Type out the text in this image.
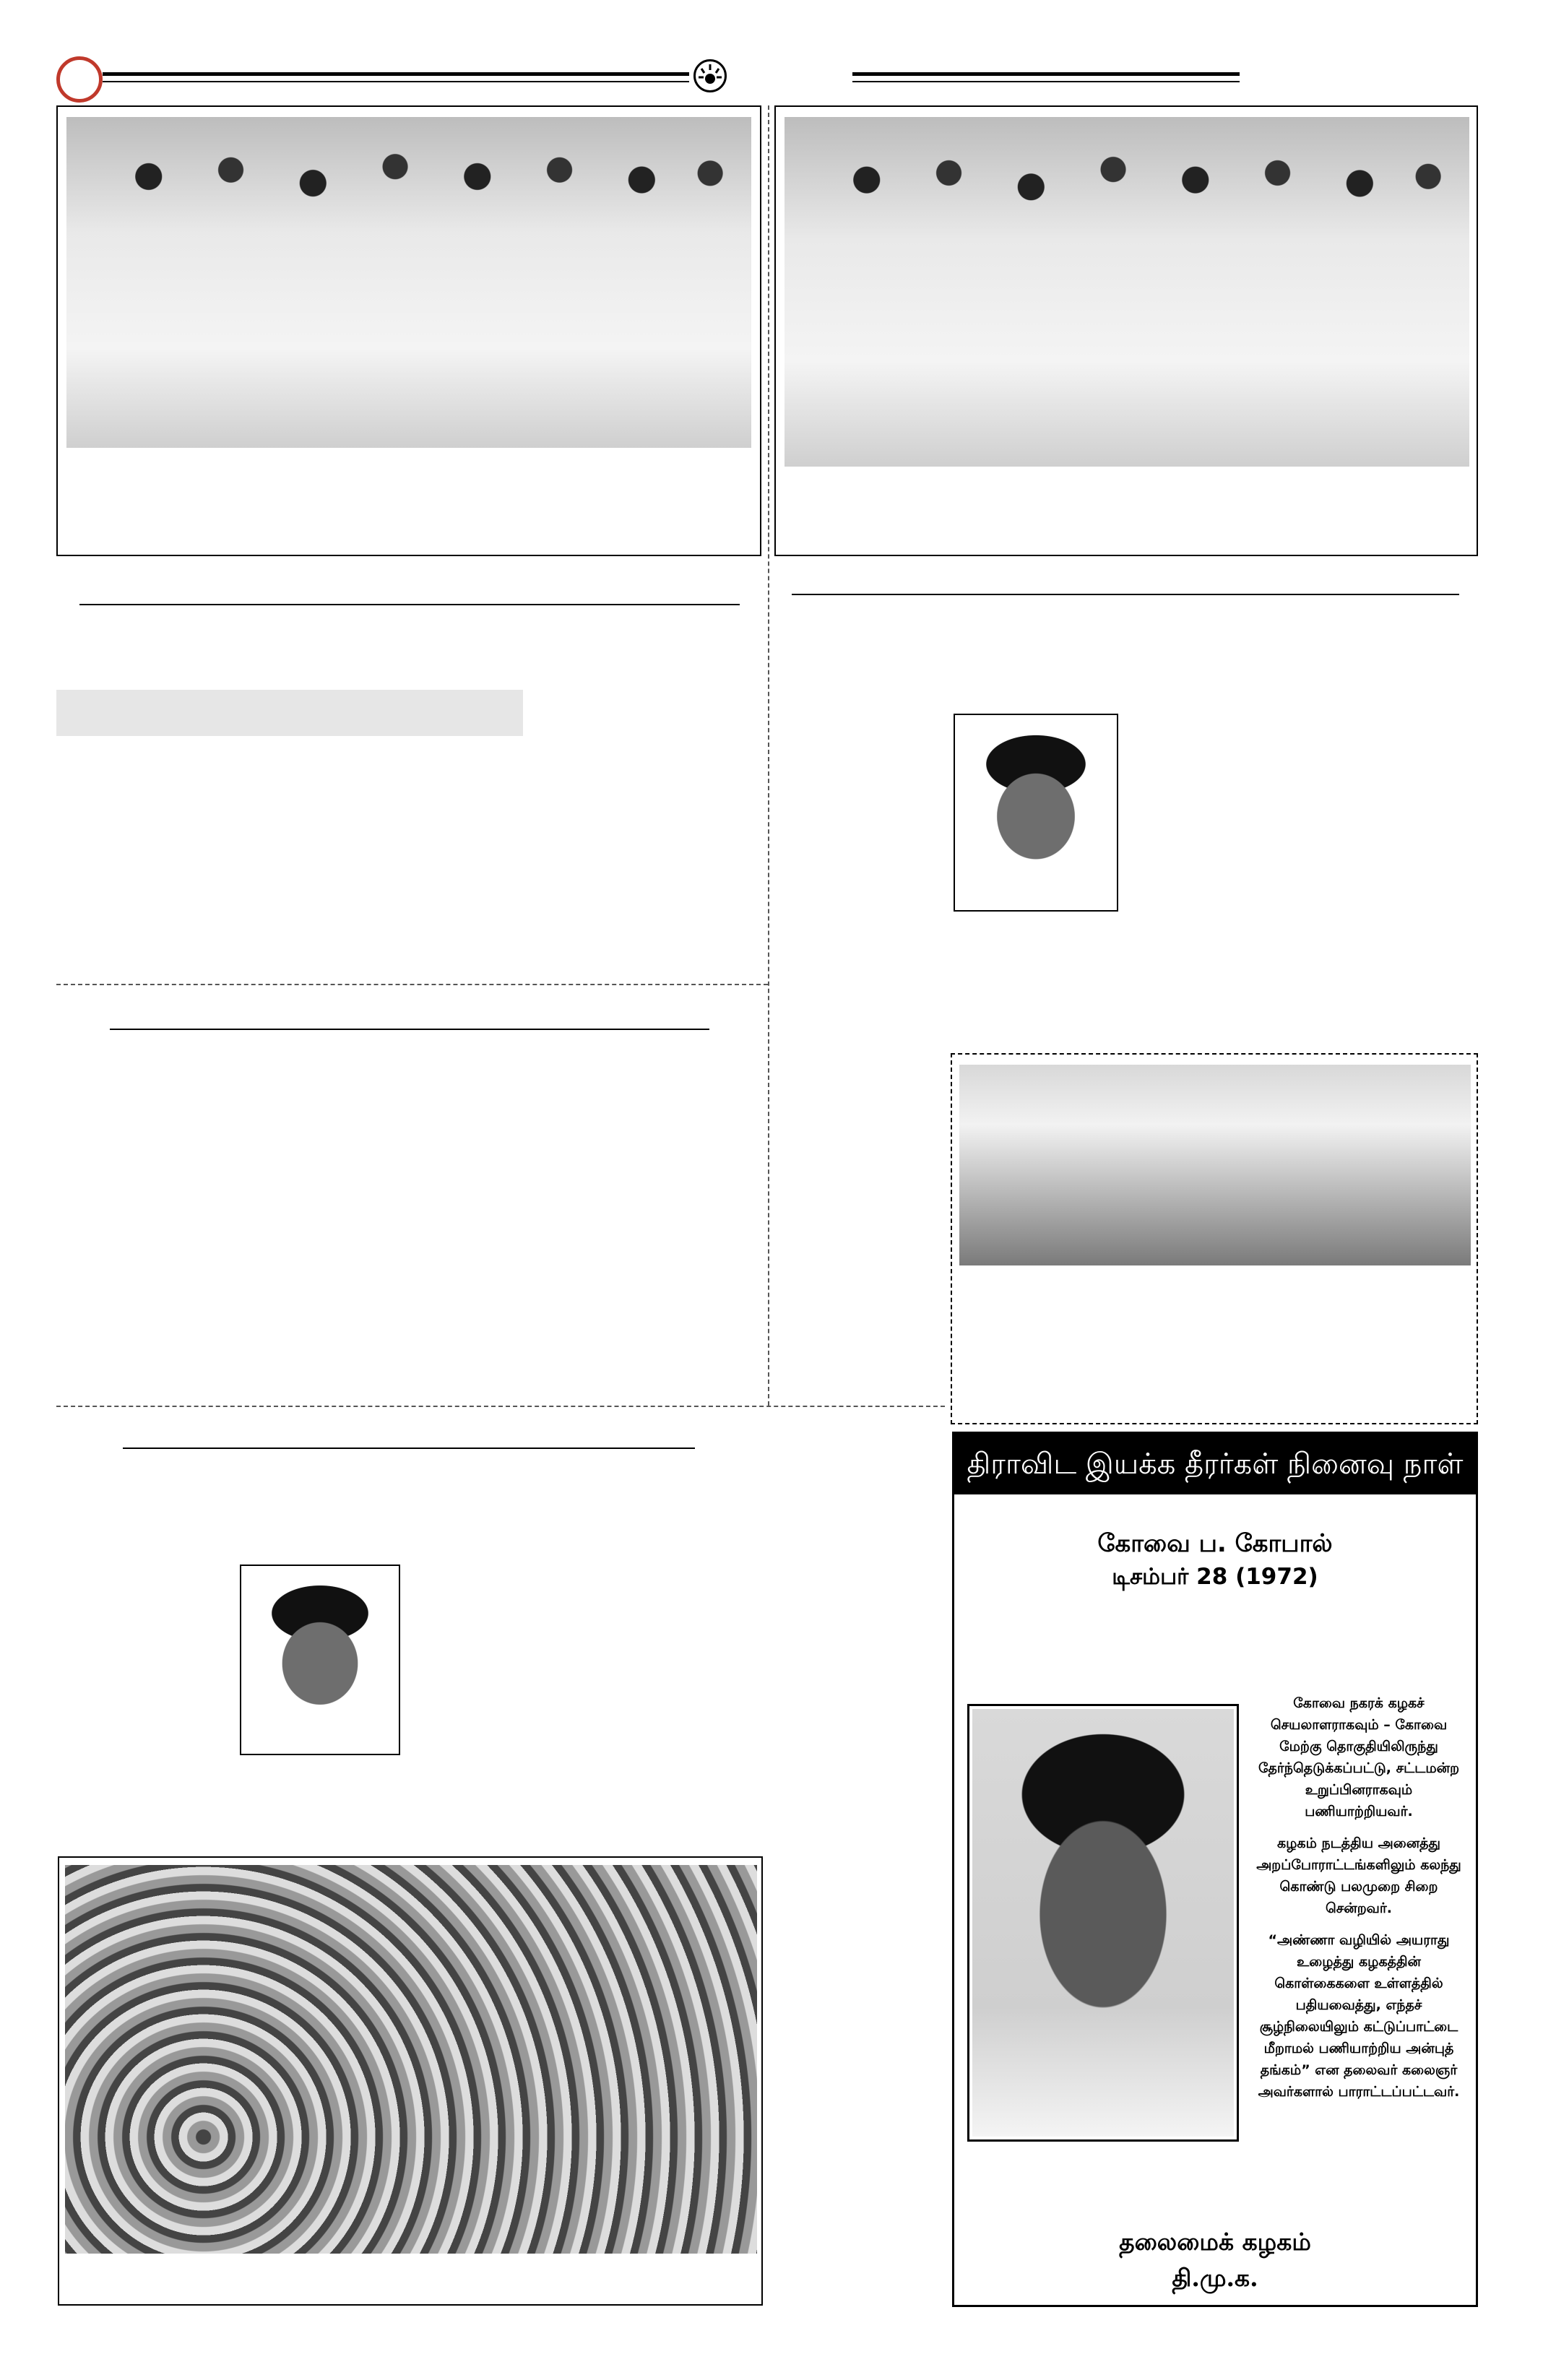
திராவிட இயக்க தீரர்கள் நினைவு நாள்
கோவை ப. கோபால்
டிசம்பர் 28 (1972)

கோவை நகரக் கழகச் செயலாளராகவும் – கோவை மேற்கு தொகுதியிலிருந்து தேர்ந்தெடுக்கப்பட்டு, சட்டமன்ற உறுப்பினராகவும் பணியாற்றியவர்.

கழகம் நடத்திய அனைத்து அறப்போராட்டங்களிலும் கலந்து கொண்டு பலமுறை சிறை சென்றவர்.

“அண்ணா வழியில் அயராது உழைத்து கழகத்தின் கொள்கைகளை உள்ளத்தில் பதியவைத்து, எந்தச் சூழ்நிலையிலும் கட்டுப்பாட்டை மீறாமல் பணியாற்றிய அன்புத் தங்கம்” என தலைவர் கலைஞர் அவர்களால் பாராட்டப்பட்டவர்.

தலைமைக் கழகம்
தி.மு.க.
